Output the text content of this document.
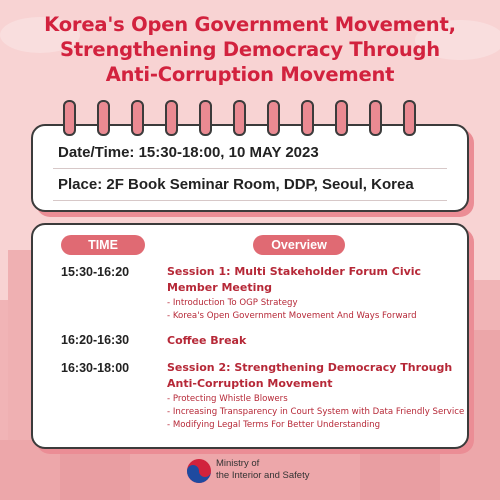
Korea's Open Government Movement,
Strengthening Democracy Through
Anti-Corruption Movement
Date/Time: 15:30-18:00, 10 MAY 2023
Place: 2F Book Seminar Room, DDP, Seoul, Korea
TIME	Overview
15:30-16:20	Session 1: Multi Stakeholder Forum Civic Member Meeting
- Introduction To OGP Strategy
- Korea's Open Government Movement And Ways Forward
16:20-16:30	Coffee Break
16:30-18:00	Session 2: Strengthening Democracy Through Anti-Corruption Movement
- Protecting Whistle Blowers
- Increasing Transparency in Court System with Data Friendly Service
- Modifying Legal Terms For Better Understanding
Ministry of
the Interior and Safety
